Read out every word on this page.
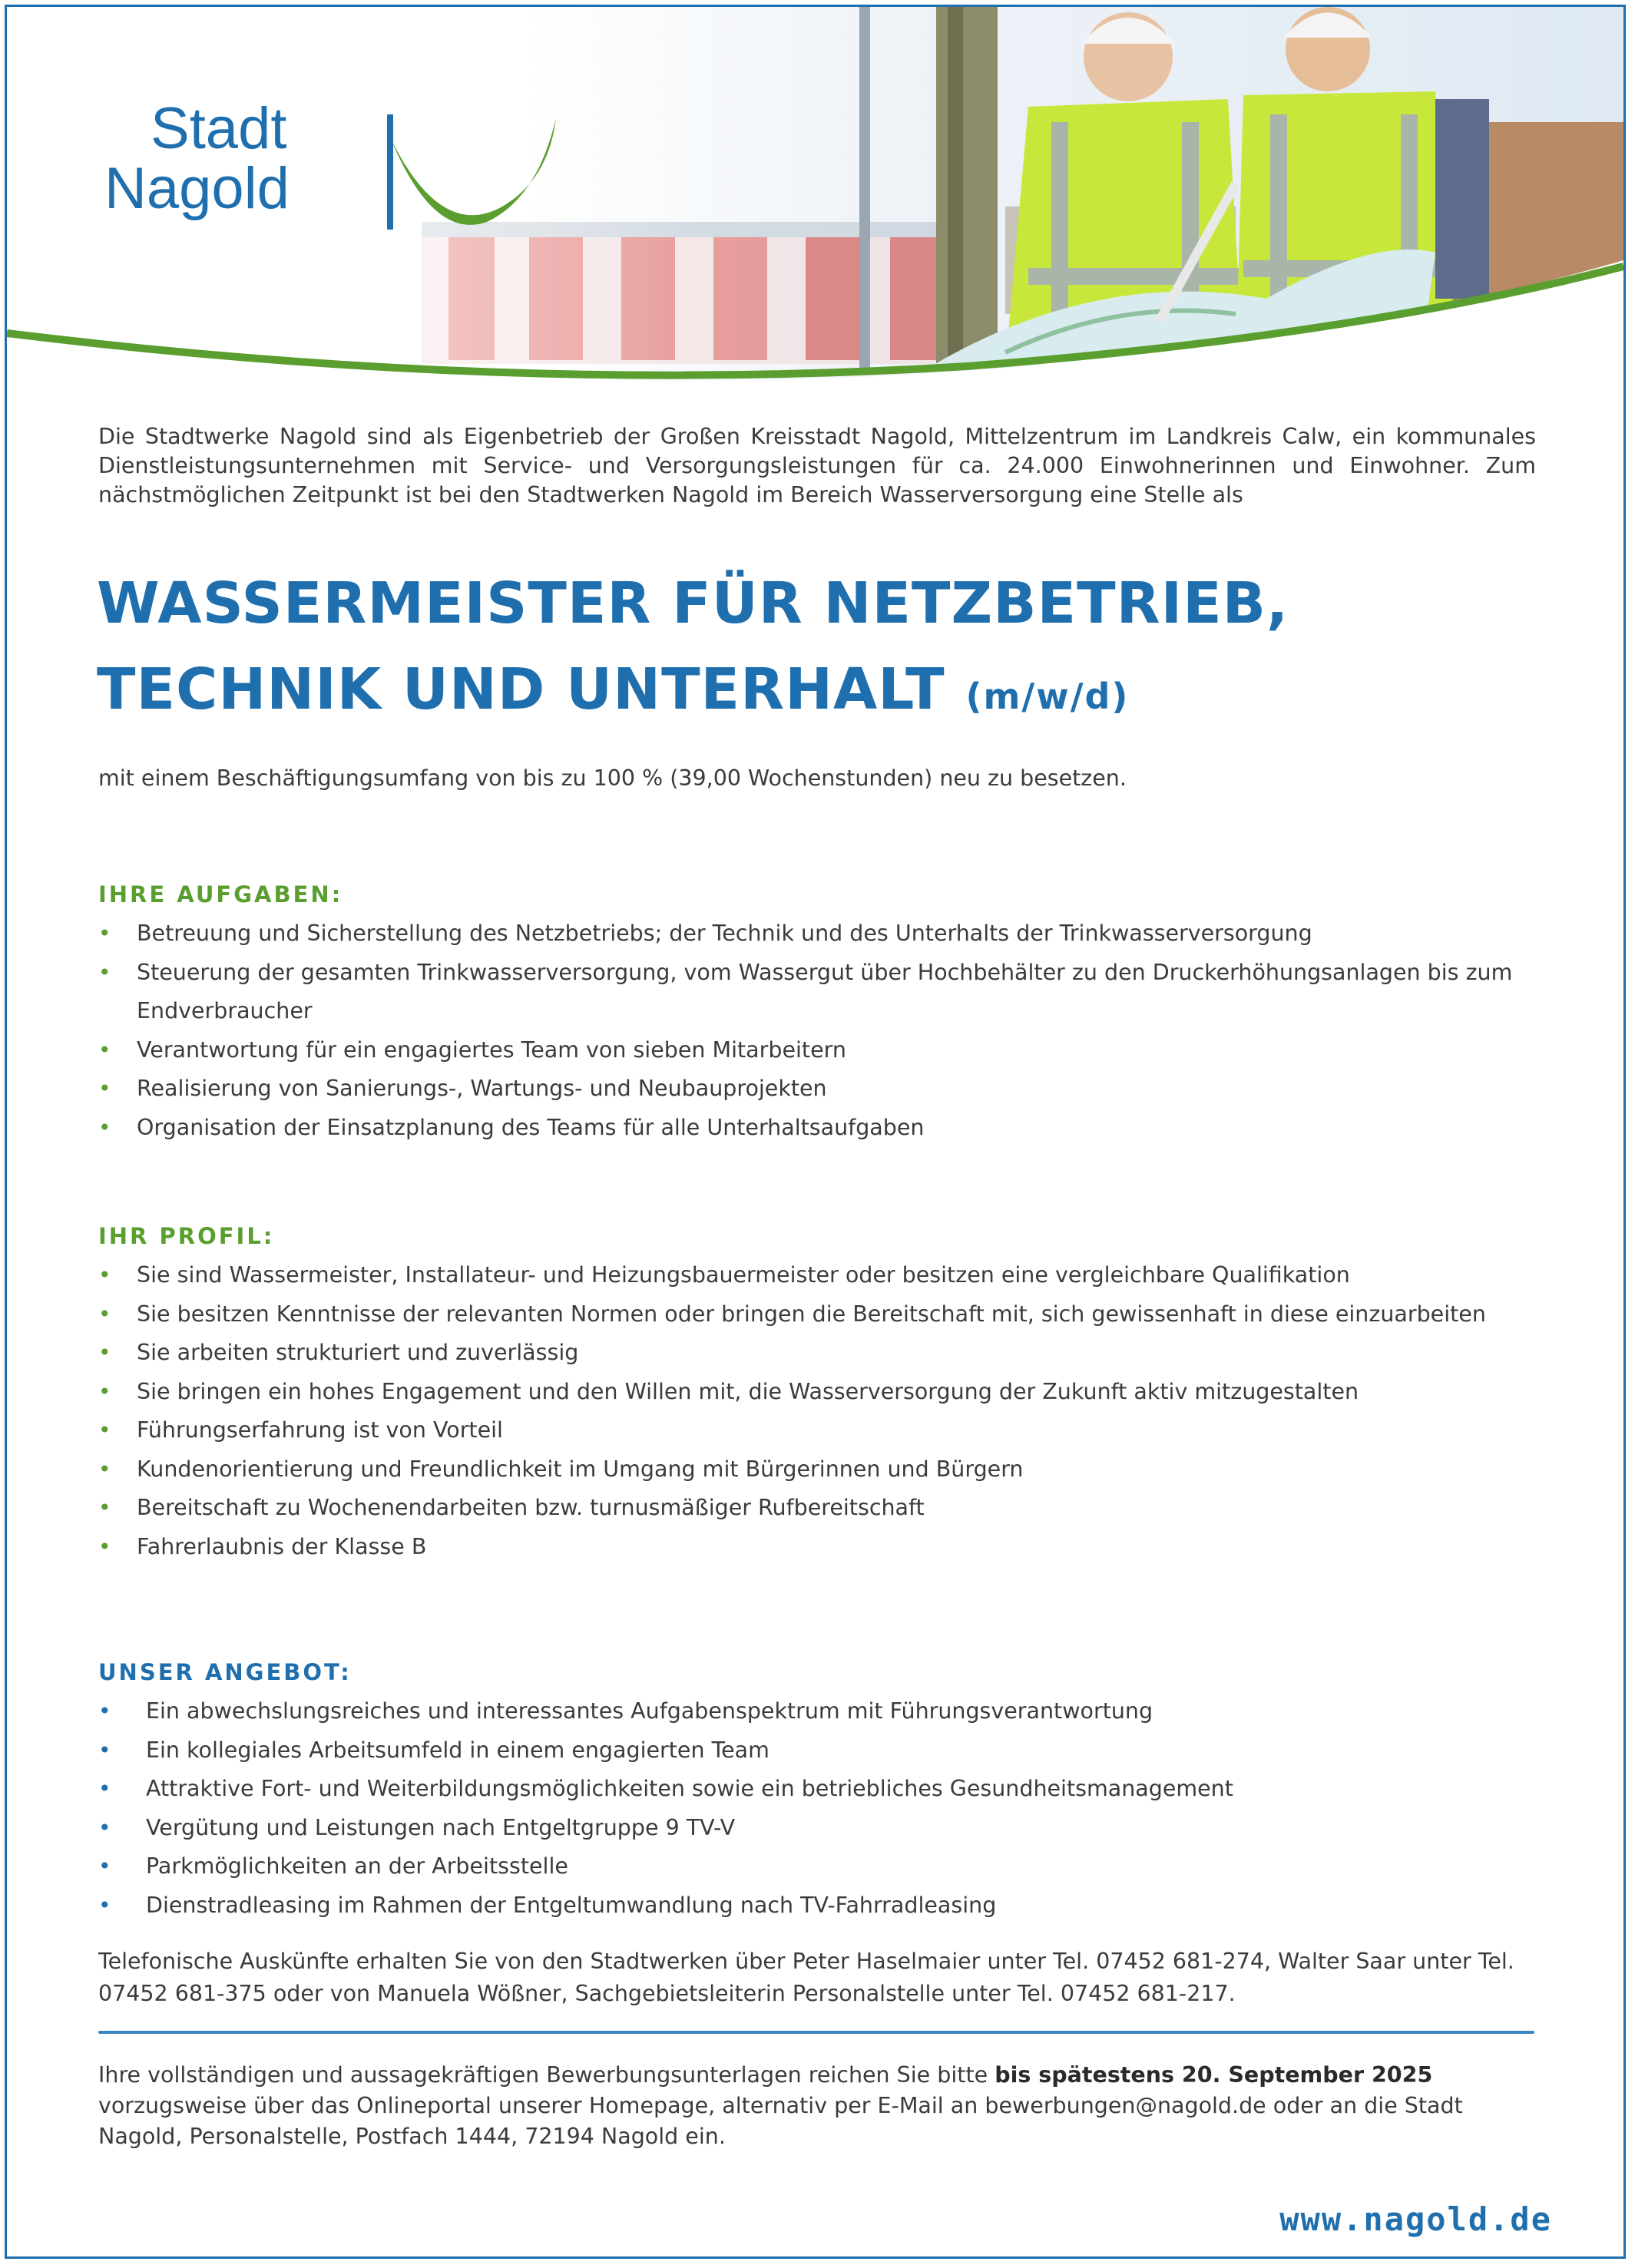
Stadt
Nagold

Die Stadtwerke Nagold sind als Eigenbetrieb der Großen Kreisstadt Nagold, Mittelzentrum im Landkreis Calw, ein kommunales Dienstleistungsunternehmen mit Service- und Versorgungsleistungen für ca. 24.000 Einwohnerinnen und Einwohner. Zum nächstmöglichen Zeitpunkt ist bei den Stadtwerken Nagold im Bereich Wasserversorgung eine Stelle als

WASSERMEISTER FÜR NETZBETRIEB,
TECHNIK UND UNTERHALT (m/w/d)

mit einem Beschäftigungsumfang von bis zu 100 % (39,00 Wochenstunden) neu zu besetzen.

IHRE AUFGABEN:
• Betreuung und Sicherstellung des Netzbetriebs; der Technik und des Unterhalts der Trinkwasserversorgung
• Steuerung der gesamten Trinkwasserversorgung, vom Wassergut über Hochbehälter zu den Druckerhöhungsanlagen bis zum Endverbraucher
• Verantwortung für ein engagiertes Team von sieben Mitarbeitern
• Realisierung von Sanierungs-, Wartungs- und Neubauprojekten
• Organisation der Einsatzplanung des Teams für alle Unterhaltsaufgaben
IHR PROFIL:
• Sie sind Wassermeister, Installateur- und Heizungsbauermeister oder besitzen eine vergleichbare Qualifikation
• Sie besitzen Kenntnisse der relevanten Normen oder bringen die Bereitschaft mit, sich gewissenhaft in diese einzuarbeiten
• Sie arbeiten strukturiert und zuverlässig
• Sie bringen ein hohes Engagement und den Willen mit, die Wasserversorgung der Zukunft aktiv mitzugestalten
• Führungserfahrung ist von Vorteil
• Kundenorientierung und Freundlichkeit im Umgang mit Bürgerinnen und Bürgern
• Bereitschaft zu Wochenendarbeiten bzw. turnusmäßiger Rufbereitschaft
• Fahrerlaubnis der Klasse B
UNSER ANGEBOT:
• Ein abwechslungsreiches und interessantes Aufgabenspektrum mit Führungsverantwortung
• Ein kollegiales Arbeitsumfeld in einem engagierten Team
• Attraktive Fort- und Weiterbildungsmöglichkeiten sowie ein betriebliches Gesundheitsmanagement
• Vergütung und Leistungen nach Entgeltgruppe 9 TV-V
• Parkmöglichkeiten an der Arbeitsstelle
• Dienstradleasing im Rahmen der Entgeltumwandlung nach TV-Fahrradleasing

Telefonische Auskünfte erhalten Sie von den Stadtwerken über Peter Haselmaier unter Tel. 07452 681-274, Walter Saar unter Tel. 07452 681-375 oder von Manuela Wößner, Sachgebietsleiterin Personalstelle unter Tel. 07452 681-217.

Ihre vollständigen und aussagekräftigen Bewerbungsunterlagen reichen Sie bitte bis spätestens 20. September 2025 vorzugsweise über das Onlineportal unserer Homepage, alternativ per E-Mail an bewerbungen@nagold.de oder an die Stadt Nagold, Personalstelle, Postfach 1444, 72194 Nagold ein.

www.nagold.de
